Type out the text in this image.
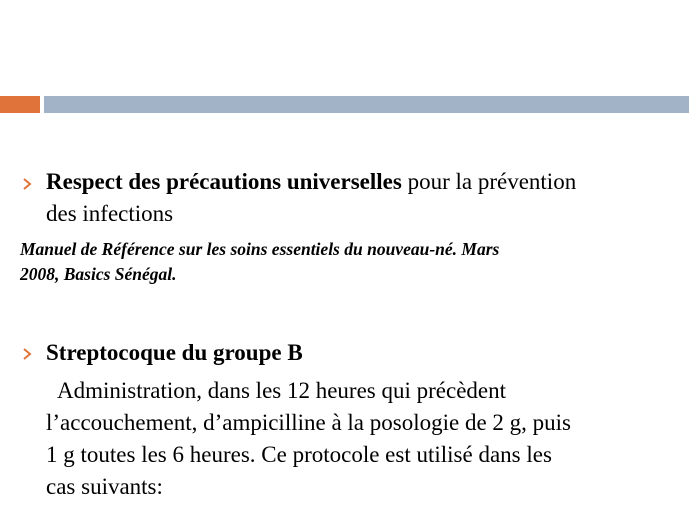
Respect des précautions universelles pour la prévention

des infections

Manuel de Référence sur les soins essentiels du nouveau-né. Mars
2008, Basics Sénégal.

Streptocoque du groupe B

Administration, dans les 12 heures qui précèdent

l’accouchement, d’ampicilline à la posologie de 2 g, puis

1 g toutes les 6 heures. Ce protocole est utilisé dans les

cas suivants:
